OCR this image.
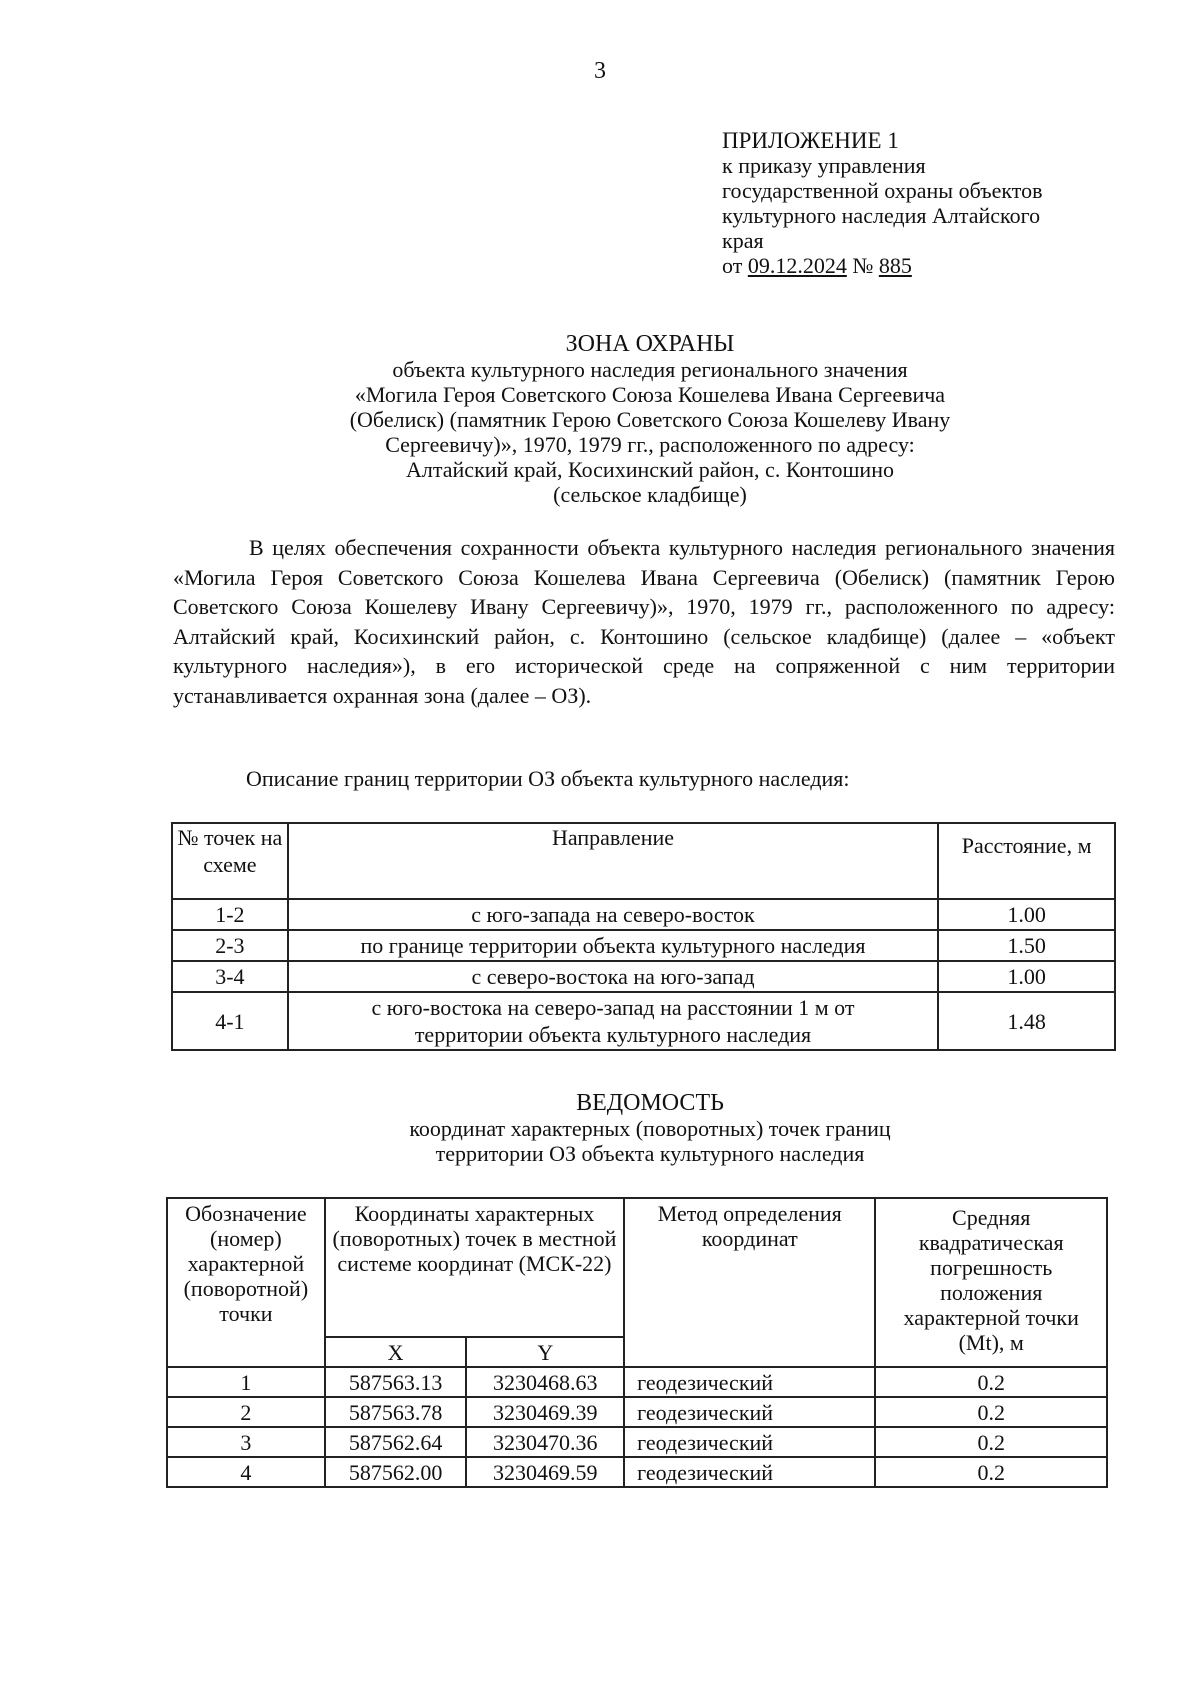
3
ПРИЛОЖЕНИЕ 1
к приказу управления
государственной охраны объектов
культурного наследия Алтайского
края
от 09.12.2024 № 885
ЗОНА ОХРАНЫ
объекта культурного наследия регионального значения
«Могила Героя Советского Союза Кошелева Ивана Сергеевича
(Обелиск) (памятник Герою Советского Союза Кошелеву Ивану
Сергеевичу)», 1970, 1979 гг., расположенного по адресу:
Алтайский край, Косихинский район, с. Контошино
(сельское кладбище)
В целях обеспечения сохранности объекта культурного наследия регионального значения «Могила Героя Советского Союза Кошелева Ивана Сергеевича (Обелиск) (памятник Герою Советского Союза Кошелеву Ивану Сергеевичу)», 1970, 1979 гг., расположенного по адресу: Алтайский край, Косихинский район, с. Контошино (сельское кладбище) (далее – «объект культурного наследия»), в его исторической среде на сопряженной с ним территории устанавливается охранная зона (далее – ОЗ).
Описание границ территории ОЗ объекта культурного наследия:
№ точек на схеме	Направление	Расстояние, м
1-2	с юго-запада на северо-восток	1.00
2-3	по границе территории объекта культурного наследия	1.50
3-4	с северо-востока на юго-запад	1.00
4-1	с юго-востока на северо-запад на расстоянии 1 м от территории объекта культурного наследия	1.48
ВЕДОМОСТЬ
координат характерных (поворотных) точек границ
территории ОЗ объекта культурного наследия
Обозначение (номер) характерной (поворотной) точки	Координаты характерных (поворотных) точек в местной системе координат (МСК-22)		Метод определения координат	Средняя квадратическая погрешность положения характерной точки (Mt), м
	X	Y		
1	587563.13	3230468.63	геодезический	0.2
2	587563.78	3230469.39	геодезический	0.2
3	587562.64	3230470.36	геодезический	0.2
4	587562.00	3230469.59	геодезический	0.2
